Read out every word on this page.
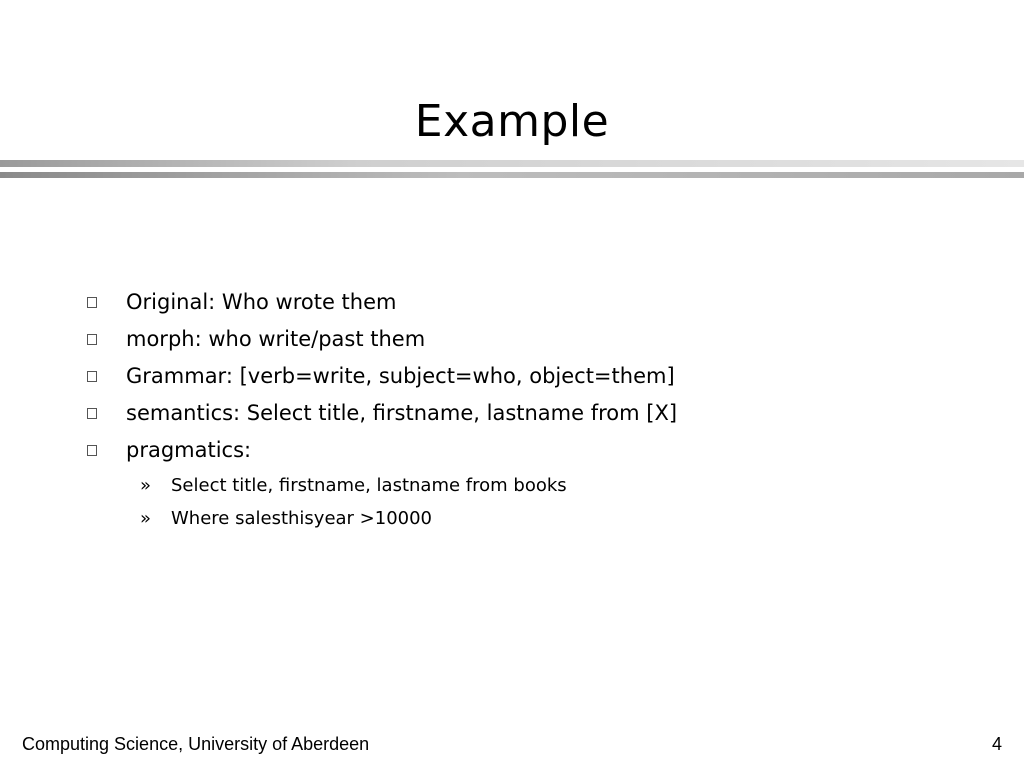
Example
Original: Who wrote them
morph: who write/past them
Grammar: [verb=write, subject=who, object=them]
semantics: Select title, firstname, lastname from [X]
pragmatics:
» Select title, firstname, lastname from books
» Where salesthisyear >10000
Computing Science, University of Aberdeen	4
